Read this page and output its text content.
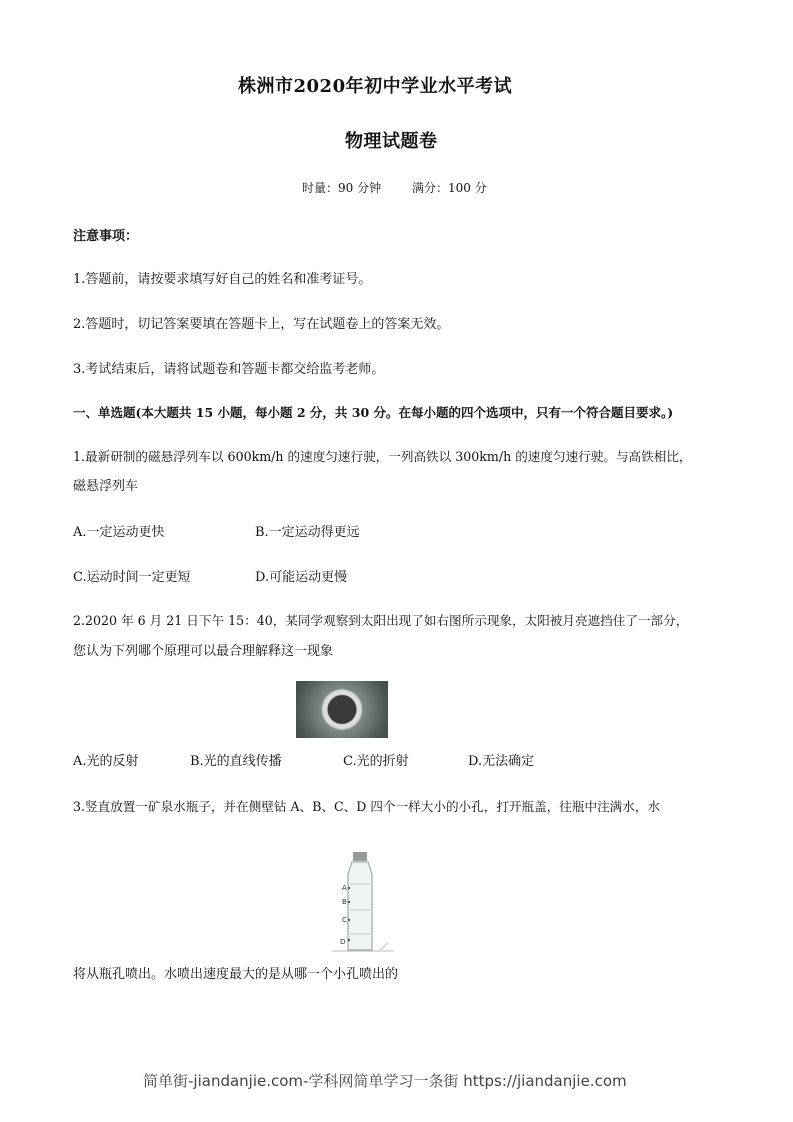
株洲市2020年初中学业水平考试
物理试题卷
时量：90 分钟	满分：100 分
注意事项：
1.答题前，请按要求填写好自己的姓名和准考证号。
2.答题时，切记答案要填在答题卡上，写在试题卷上的答案无效。
3.考试结束后，请将试题卷和答题卡都交给监考老师。
一、单选题(本大题共 15 小题，每小题 2 分，共 30 分。在每小题的四个选项中，只有一个符合题目要求。)
1.最新研制的磁悬浮列车以 600km/h 的速度匀速行驶，一列高铁以 300km/h 的速度匀速行驶。与高铁相比，
磁悬浮列车
A.一定运动更快	B.一定运动得更远
C.运动时间一定更短	D.可能运动更慢
2.2020 年 6 月 21 日下午 15：40，某同学观察到太阳出现了如右图所示现象，太阳被月亮遮挡住了一部分，
您认为下列哪个原理可以最合理解释这一现象
A.光的反射	B.光的直线传播	C.光的折射	D.无法确定
3.竖直放置一矿泉水瓶子，并在侧壁钻 A、B、C、D 四个一样大小的小孔，打开瓶盖，往瓶中注满水，水
A
B
C
D
将从瓶孔喷出。水喷出速度最大的是从哪一个小孔喷出的
简单街-jiandanjie.com-学科网简单学习一条街 https://jiandanjie.com
